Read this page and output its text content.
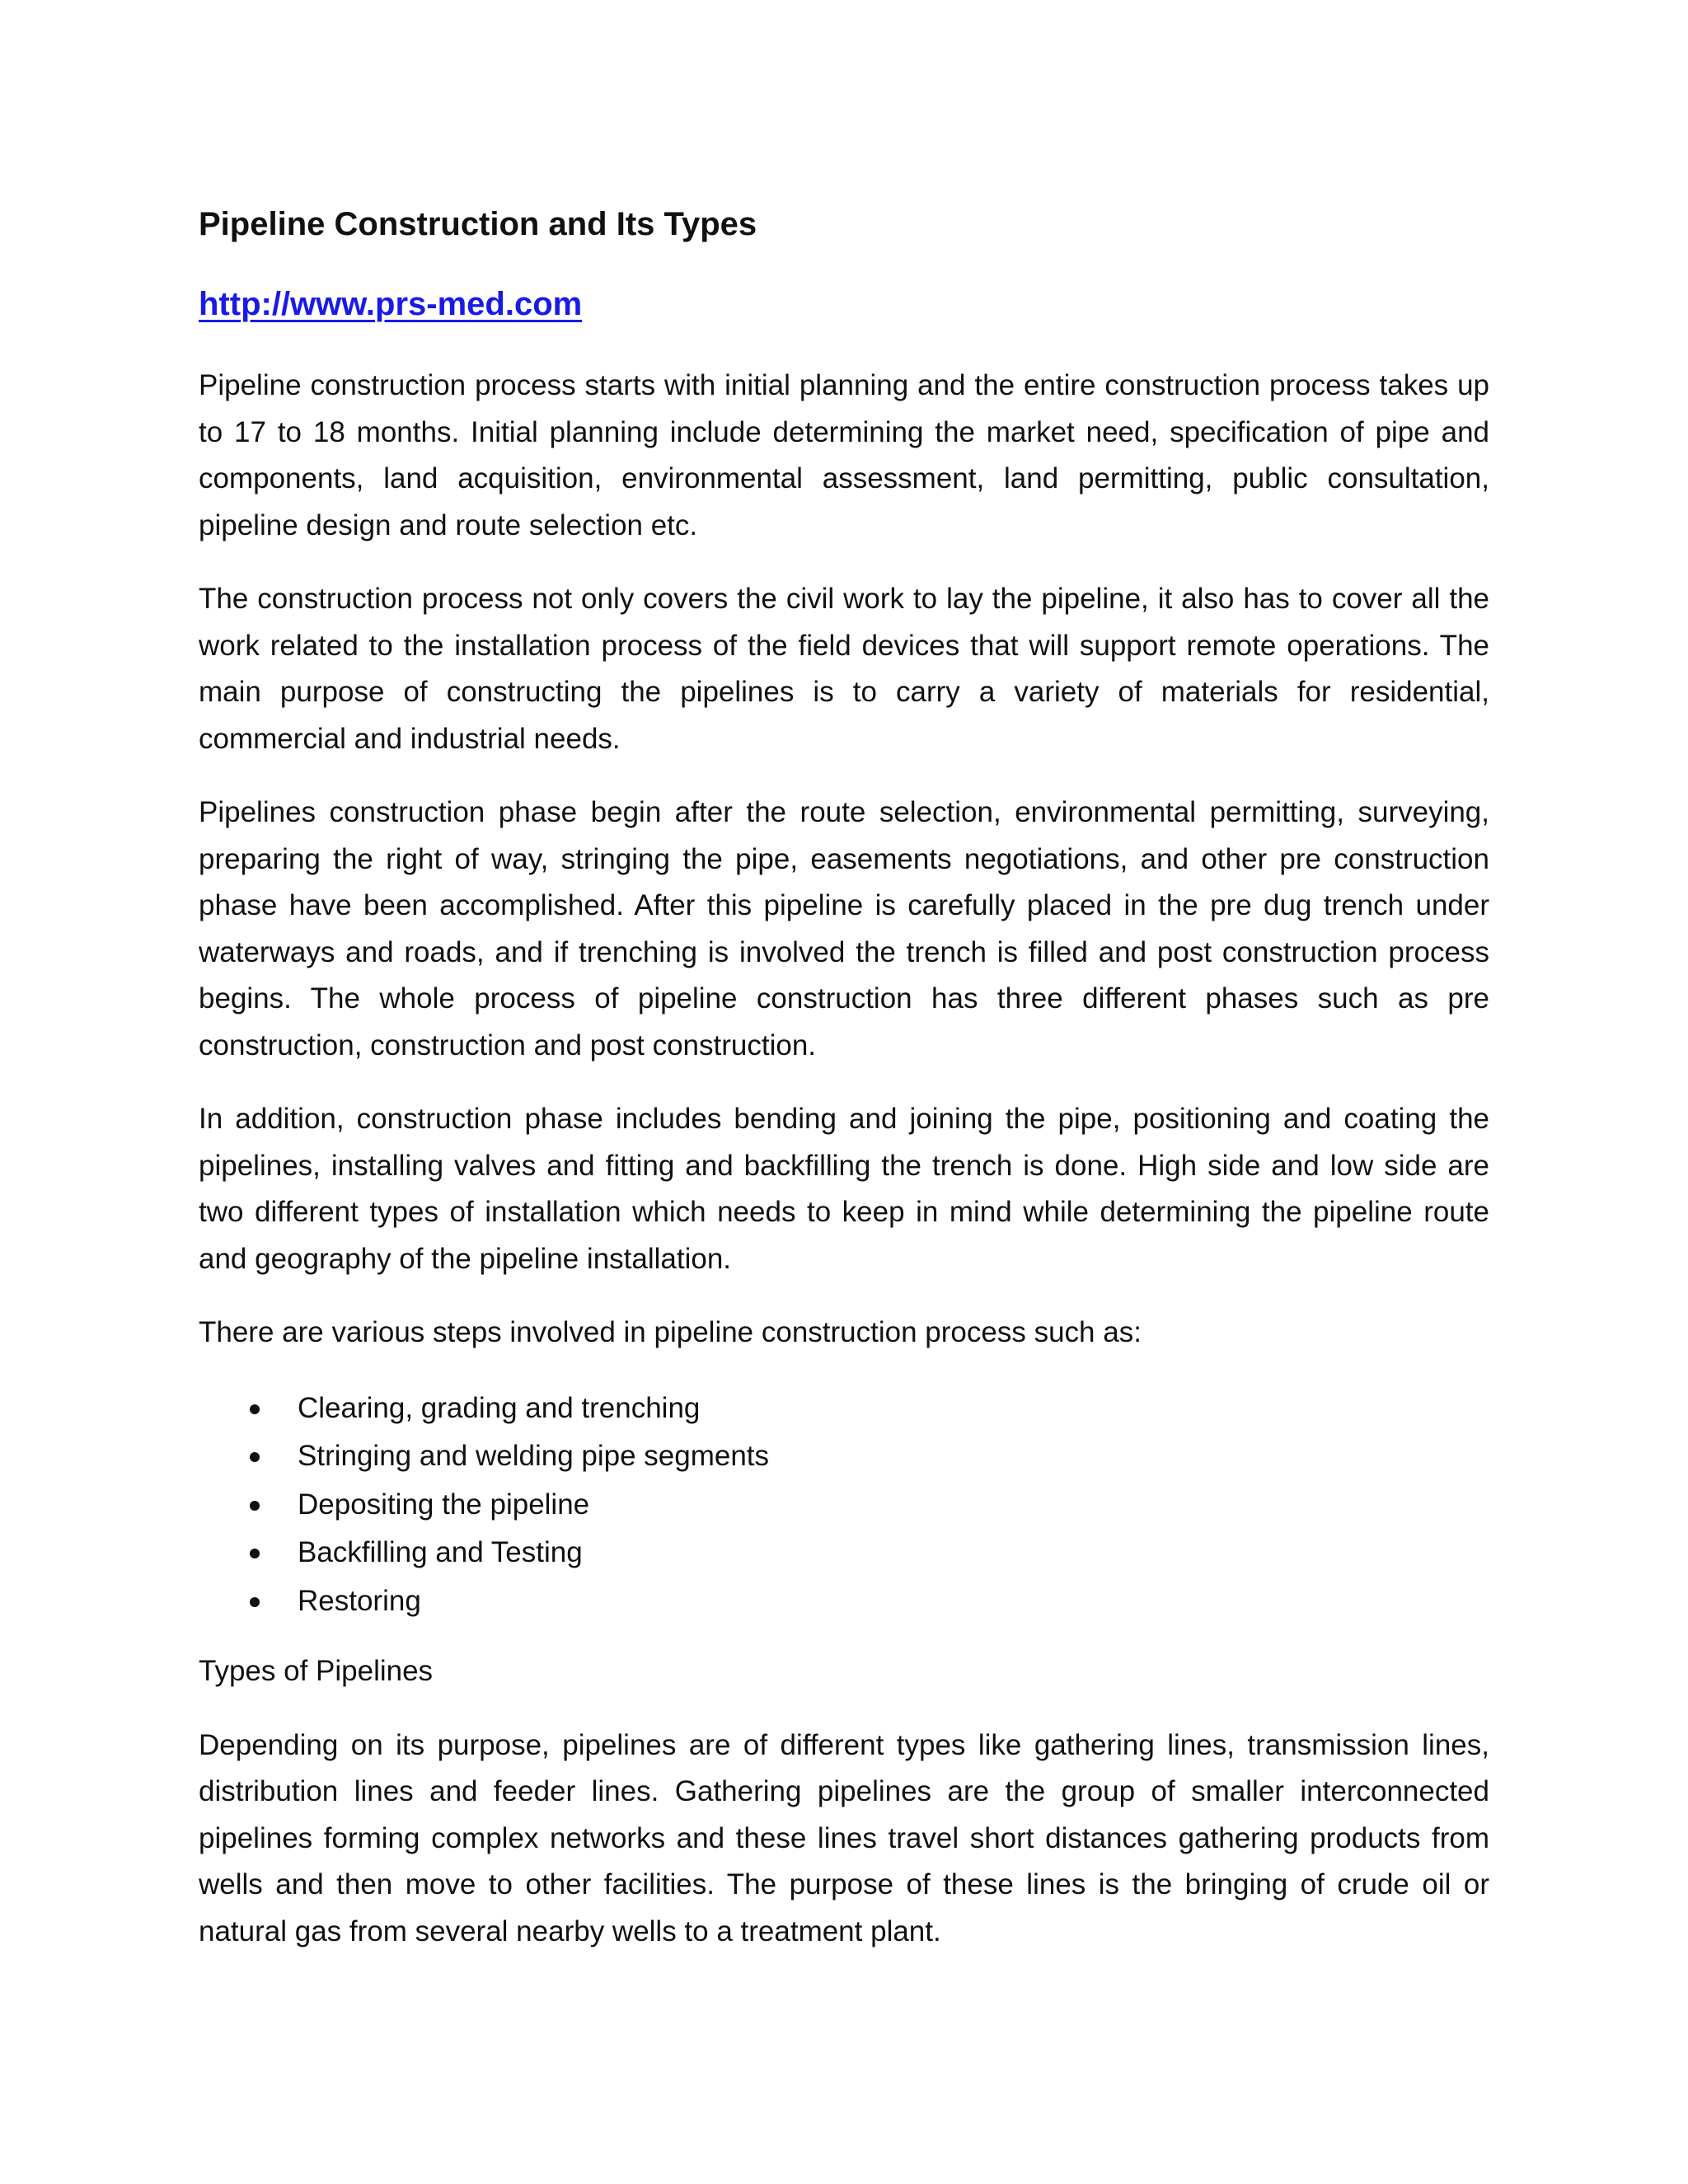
Pipeline Construction and Its Types
http://www.prs-med.com

Pipeline construction process starts with initial planning and the entire construction process takes up to 17 to 18 months. Initial planning include determining the market need, specification of pipe and components, land acquisition, environmental assessment, land permitting, public consultation, pipeline design and route selection etc.

The construction process not only covers the civil work to lay the pipeline, it also has to cover all the work related to the installation process of the field devices that will support remote operations. The main purpose of constructing the pipelines is to carry a variety of materials for residential, commercial and industrial needs.

Pipelines construction phase begin after the route selection, environmental permitting, surveying, preparing the right of way, stringing the pipe, easements negotiations, and other pre construction phase have been accomplished. After this pipeline is carefully placed in the pre dug trench under waterways and roads, and if trenching is involved the trench is filled and post construction process begins. The whole process of pipeline construction has three different phases such as pre construction, construction and post construction.

In addition, construction phase includes bending and joining the pipe, positioning and coating the pipelines, installing valves and fitting and backfilling the trench is done. High side and low side are two different types of installation which needs to keep in mind while determining the pipeline route and geography of the pipeline installation.

There are various steps involved in pipeline construction process such as:

Clearing, grading and trenching
Stringing and welding pipe segments
Depositing the pipeline
Backfilling and Testing
Restoring

Types of Pipelines

Depending on its purpose, pipelines are of different types like gathering lines, transmission lines, distribution lines and feeder lines. Gathering pipelines are the group of smaller interconnected pipelines forming complex networks and these lines travel short distances gathering products from wells and then move to other facilities. The purpose of these lines is the bringing of crude oil or natural gas from several nearby wells to a treatment plant.
